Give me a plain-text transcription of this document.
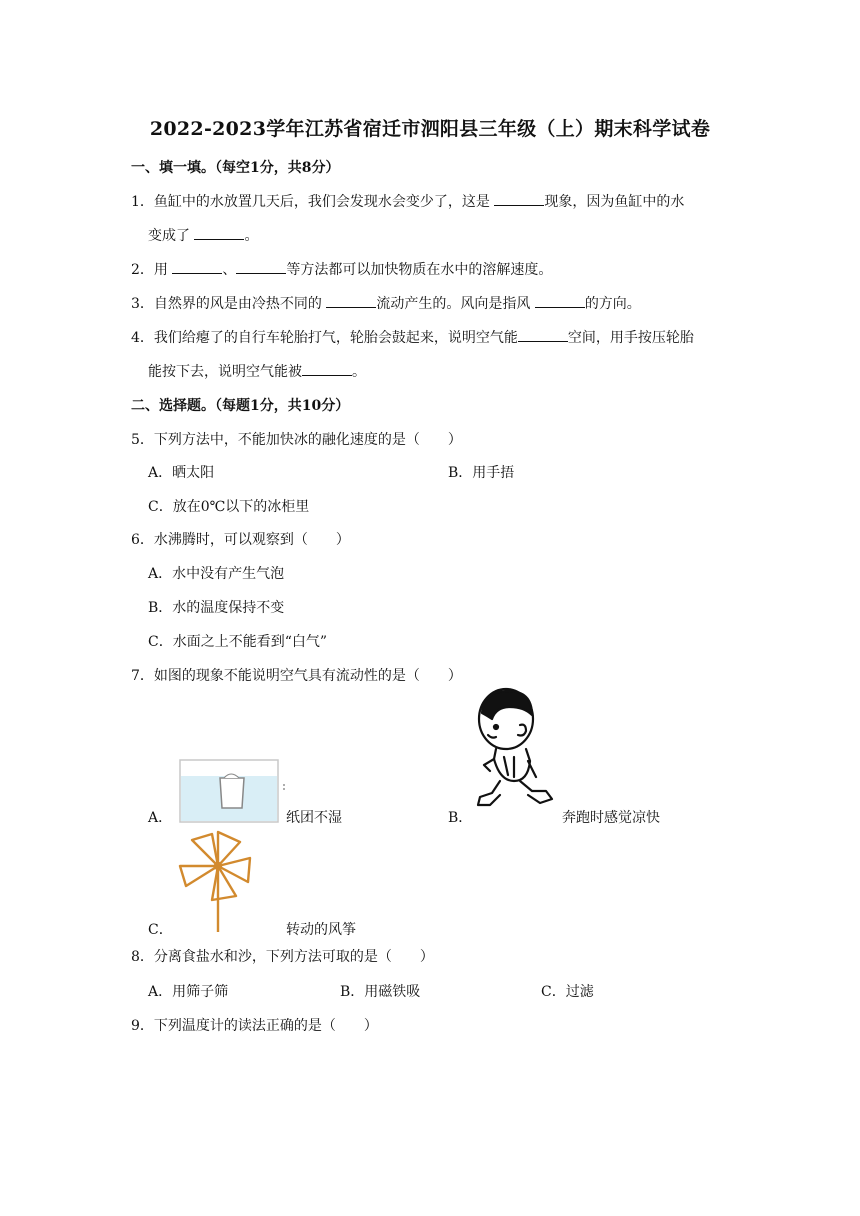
2022-2023学年江苏省宿迁市泗阳县三年级（上）期末科学试卷
一、填一填。（每空1分，共8分）
1．鱼缸中的水放置几天后，我们会发现水会变少了，这是	现象，因为鱼缸中的水
变成了	。
2．用	、	等方法都可以加快物质在水中的溶解速度。
3．自然界的风是由冷热不同的	流动产生的。风向是指风	的方向。
4．我们给瘪了的自行车轮胎打气，轮胎会鼓起来，说明空气能	空间，用手按压轮胎
能按下去，说明空气能被	。
二、选择题。（每题1分，共10分）
5．下列方法中，不能加快冰的融化速度的是（　　）
A．晒太阳	B．用手捂
C．放在0℃以下的冰柜里
6．水沸腾时，可以观察到（　　）
A．水中没有产生气泡
B．水的温度保持不变
C．水面之上不能看到“白气”
7．如图的现象不能说明空气具有流动性的是（　　）
A．	纸团不湿	B．	奔跑时感觉凉快
C．	转动的风筝
8．分离食盐水和沙，下列方法可取的是（　　）
A．用筛子筛	B．用磁铁吸	C．过滤
9．下列温度计的读法正确的是（　　）
